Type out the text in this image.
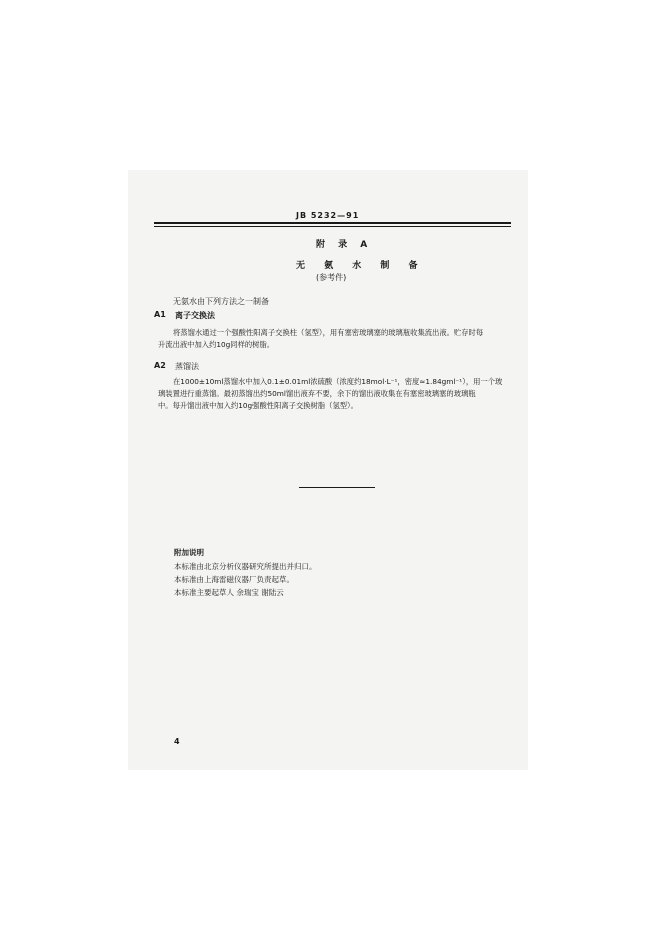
JB 5232—91
附 录 A
无 氨 水 制 备
(参考件)
无氨水由下列方法之一制备
A1 离子交换法
将蒸馏水通过一个强酸性阳离子交换柱（氢型），用有塞密玻璃塞的玻璃瓶收集流出液。贮存时每
升流出液中加入约10g同样的树脂。
A2 蒸馏法
在1000±10ml蒸馏水中加入0.1±0.01ml浓硫酸（浓度约18mol·L⁻¹，密度≈1.84gml⁻¹），用一个玻
璃装置进行重蒸馏。最初蒸馏出约50ml馏出液弃不要，余下的馏出液收集在有塞密玻璃塞的玻璃瓶
中。每升馏出液中加入约10g强酸性阳离子交换树脂（氢型）。
附加说明
本标准由北京分析仪器研究所提出并归口。
本标准由上海雷磁仪器厂负责起草。
本标准主要起草人 余瑞宝 谢陆云
4
